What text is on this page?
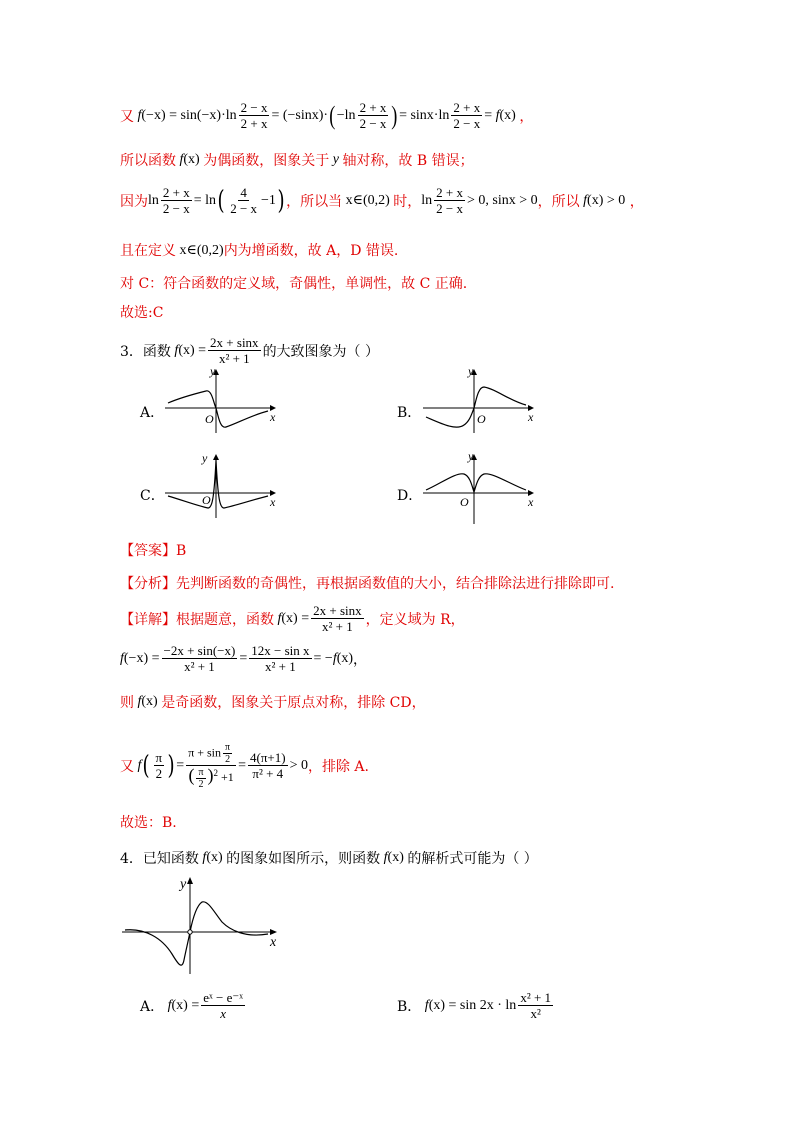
又
f $(-x) = \sin(-x)\cdot\ln \frac{2 - x}{2 + x} = (-\sin x)\cdot$ ( $-\ln \frac{2 + x}{2 - x}$ ) = $\sin x\cdot\ln \frac{2 + x}{2 - x} = f$ (x) ，
所以函数 f(x) 为偶函数，图象关于 y 轴对称，故 B 错误；
因为 $\ln \frac{2 + x}{2 - x} = \ln$ ( $\frac{4}{2 - x} -1$ ) ，所以当 x∈(0,2) 时， $\ln \frac{2 + x}{2 - x} > 0$, sinx > 0 ，所以 f(x) > 0 ，
且在定义 x∈(0,2) 内为增函数，故 A，D 错误.
对 C：符合函数的定义域，奇偶性，单调性，故 C 正确.
故选:C
3．函数 $f(x) = \frac{2x + \sin x}{\text{x² + 1}}$ 的大致图象为（ ）
A．
y
x
O	B．
y
x
O
C．
y
x
O	D．
y
x
O
【答案】B
【分析】先判断函数的奇偶性，再根据函数值的大小，结合排除法进行排除即可.
【详解】根据题意，函数 $f(x) = \frac{2x + \sin x}{\text{x² + 1}}$ ，定义域为 R，
$f(-x) = \frac{-2x + \sin(-x)}{\text{x² + 1}} = \frac{\text{12x − sin x}}{\text{x² + 1}} = -f(x)$ ，
则 f(x) 是奇函数，图象关于原点对称，排除 CD，
又 f ( $\frac{\pi}{2}$ ) = $\frac{\pi + \sin \frac{\pi}{2}}{( \frac{\pi}{2} )^2 +1} = \frac{4(\pi+1)}{\text{π² + 4}} > 0$ ，排除 A.
故选：B.
4．已知函数 f(x) 的图象如图所示，则函数 f(x) 的解析式可能为（ ）
y
x
A． $f(x) = \frac{\text{eˣ − e⁻ˣ}}{x}$	B． $f(x) = \sin 2x \cdot \ln \frac{\text{x² + 1}}{\text{x²}}$
